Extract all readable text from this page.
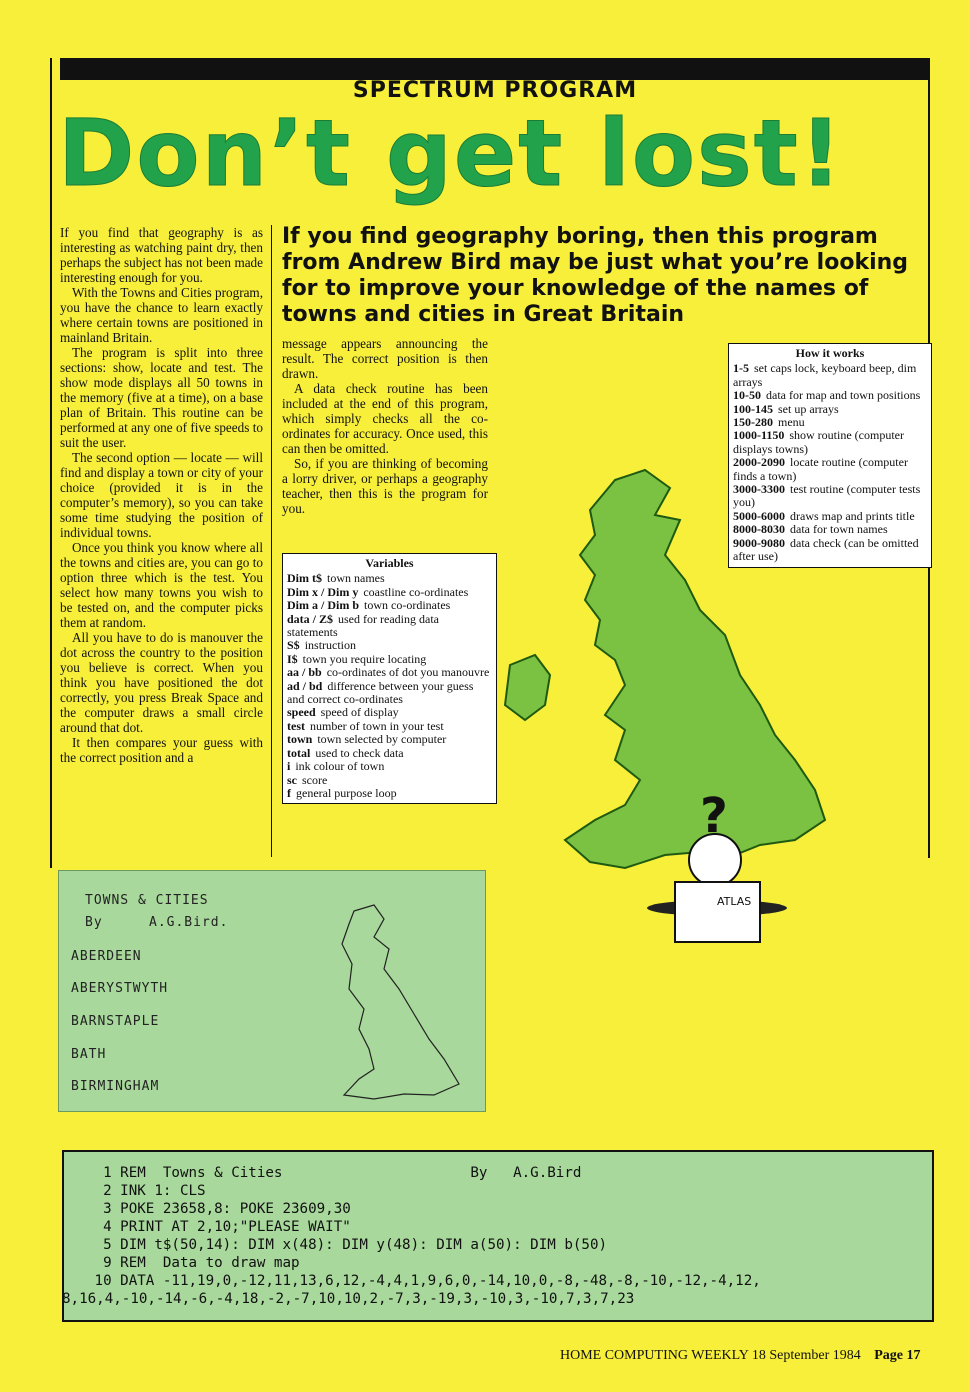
SPECTRUM PROGRAM
Don’t get lost!

If you find that geography is as interesting as watching paint dry, then perhaps the subject has not been made interesting enough for you.

With the Towns and Cities program, you have the chance to learn exactly where certain towns are positioned in mainland Britain.

The program is split into three sections: show, locate and test. The show mode displays all 50 towns in the memory (five at a time), on a base plan of Britain. This routine can be performed at any one of five speeds to suit the user.

The second option — locate — will find and display a town or city of your choice (provided it is in the computer’s memory), so you can take some time studying the position of individual towns.

Once you think you know where all the towns and cities are, you can go to option three which is the test. You select how many towns you wish to be tested on, and the computer picks them at random.

All you have to do is manouver the dot across the country to the position you believe is correct. When you think you have positioned the dot correctly, you press Break Space and the computer draws a small circle around that dot.

It then compares your guess with the correct position and a

If you find geography boring, then this program from Andrew Bird may be just what you’re looking for to improve your knowledge of the names of towns and cities in Great Britain

message appears announcing the result. The correct position is then drawn.

A data check routine has been included at the end of this program, which simply checks all the co-ordinates for accuracy. Once used, this can then be omitted.

So, if you are thinking of becoming a lorry driver, or perhaps a geography teacher, then this is the program for you.

How it works
1-5 set caps lock, keyboard beep, dim arrays
10-50 data for map and town positions
100-145 set up arrays
150-280 menu
1000-1150 show routine (computer displays towns)
2000-2090 locate routine (computer finds a town)
3000-3300 test routine (computer tests you)
5000-6000 draws map and prints title
8000-8030 data for town names
9000-9080 data check (can be omitted after use)
Variables
Dim t$ town names
Dim x / Dim y coastline co-ordinates
Dim a / Dim b town co-ordinates
data / Z$ used for reading data statements
S$ instruction
I$ town you require locating
aa / bb co-ordinates of dot you manouvre
ad / bd difference between your guess and correct co-ordinates
speed speed of display
test number of town in your test
town town selected by computer
total used to check data
i ink colour of town
sc score
f general purpose loop	?
ATLAS
TOWNS & CITIES
By	A.G.Bird.
ABERDEEN
ABERYSTWYTH
BARNSTAPLE
BATH
BIRMINGHAM
1 REM  Towns & Cities                      By   A.G.Bird
2 INK 1: CLS
3 POKE 23658,8: POKE 23609,30
4 PRINT AT 2,10;"PLEASE WAIT"
5 DIM t$(50,14): DIM x(48): DIM y(48): DIM a(50): DIM b(50)
9 REM  Data to draw map
10 DATA -11,19,0,-12,11,13,6,12,-4,4,1,9,6,0,-14,10,0,-8,-48,-8,-10,-12,-4,12,
8,16,4,-10,-14,-6,-4,18,-2,-7,10,10,2,-7,3,-19,3,-10,3,-10,7,3,7,23
HOME COMPUTING WEEKLY 18 September 1984 Page 17
